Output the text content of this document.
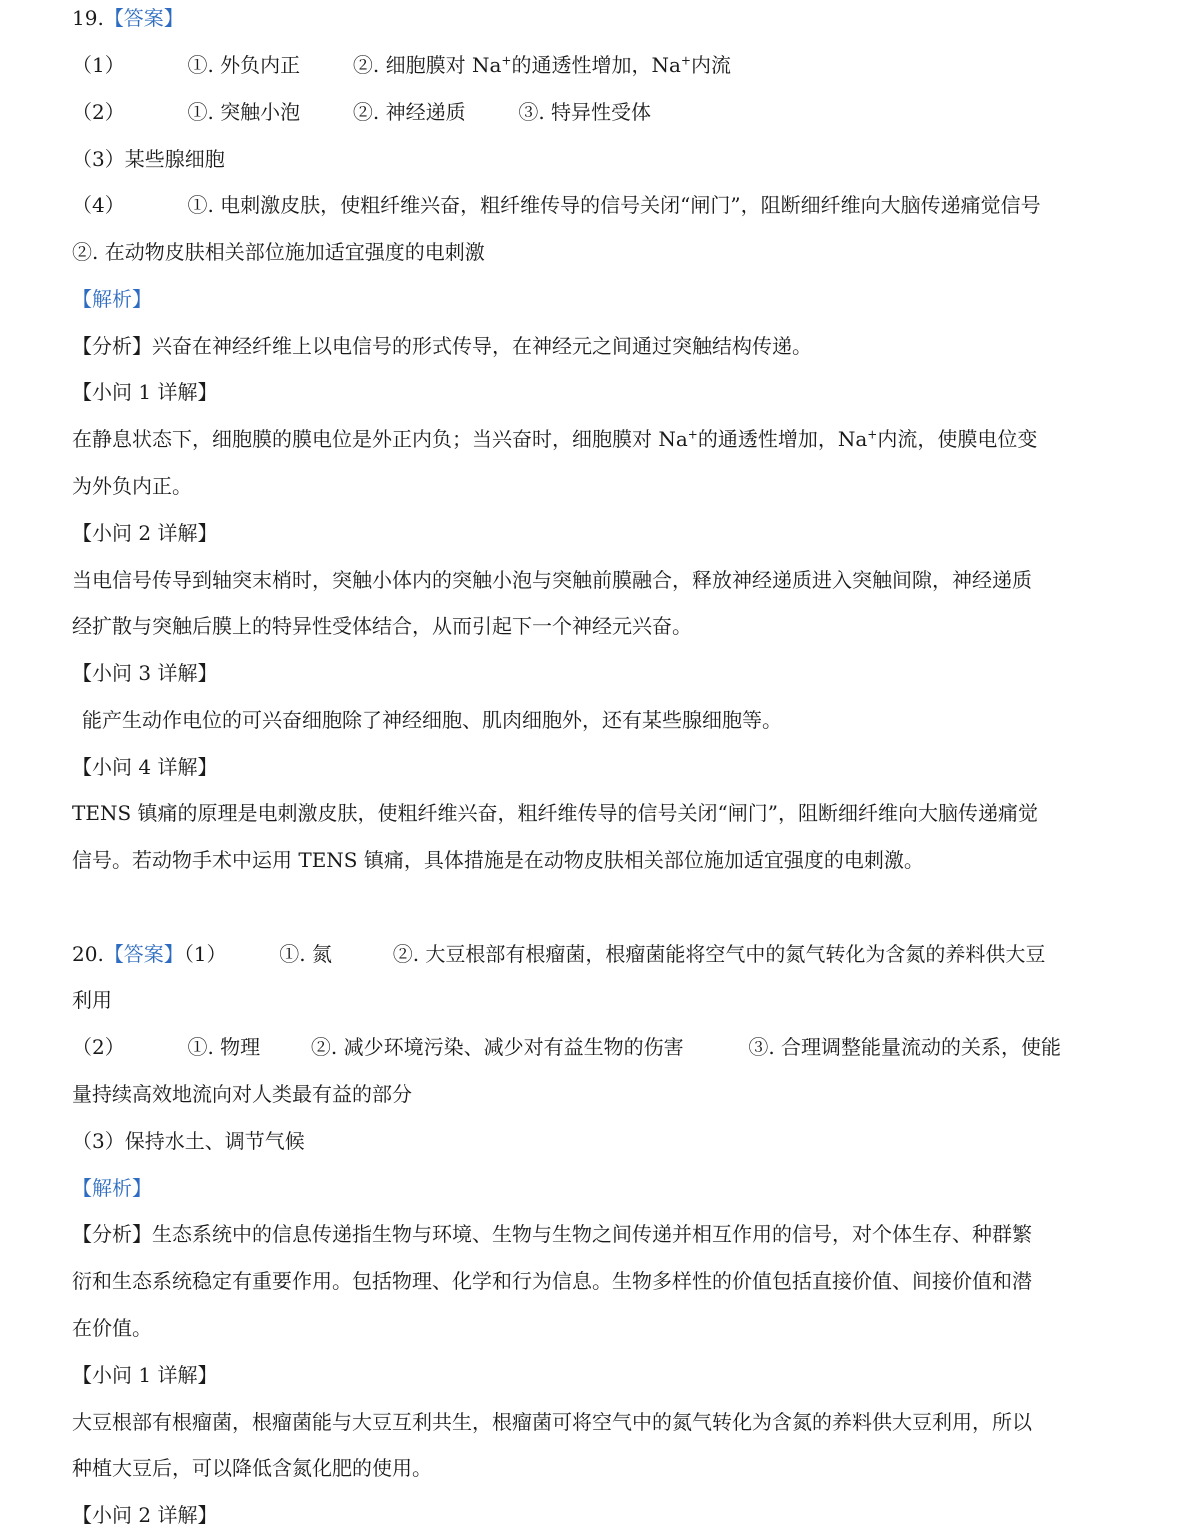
19.【答案】
（1）	①. 外负内正	②. 细胞膜对 Na+的通透性增加，Na+内流
（2）	①. 突触小泡	②. 神经递质	③. 特异性受体
（3）某些腺细胞
（4）	①. 电刺激皮肤，使粗纤维兴奋，粗纤维传导的信号关闭“闸门”，阻断细纤维向大脑传递痛觉信号
②. 在动物皮肤相关部位施加适宜强度的电刺激
【解析】
【分析】兴奋在神经纤维上以电信号的形式传导，在神经元之间通过突触结构传递。
【小问 1 详解】
在静息状态下，细胞膜的膜电位是外正内负；当兴奋时，细胞膜对 Na+的通透性增加，Na+内流，使膜电位变
为外负内正。
【小问 2 详解】
当电信号传导到轴突末梢时，突触小体内的突触小泡与突触前膜融合，释放神经递质进入突触间隙，神经递质
经扩散与突触后膜上的特异性受体结合，从而引起下一个神经元兴奋。
【小问 3 详解】
能产生动作电位的可兴奋细胞除了神经细胞、肌肉细胞外，还有某些腺细胞等。
【小问 4 详解】
TENS 镇痛的原理是电刺激皮肤，使粗纤维兴奋，粗纤维传导的信号关闭“闸门”，阻断细纤维向大脑传递痛觉
信号。若动物手术中运用 TENS 镇痛，具体措施是在动物皮肤相关部位施加适宜强度的电刺激。
20.【答案】（1）	①. 氮	②. 大豆根部有根瘤菌，根瘤菌能将空气中的氮气转化为含氮的养料供大豆
利用
（2）	①. 物理	②. 减少环境污染、减少对有益生物的伤害	③. 合理调整能量流动的关系，使能
量持续高效地流向对人类最有益的部分
（3）保持水土、调节气候
【解析】
【分析】生态系统中的信息传递指生物与环境、生物与生物之间传递并相互作用的信号，对个体生存、种群繁
衍和生态系统稳定有重要作用。包括物理、化学和行为信息。生物多样性的价值包括直接价值、间接价值和潜
在价值。
【小问 1 详解】
大豆根部有根瘤菌，根瘤菌能与大豆互利共生，根瘤菌可将空气中的氮气转化为含氮的养料供大豆利用，所以
种植大豆后，可以降低含氮化肥的使用。
【小问 2 详解】
